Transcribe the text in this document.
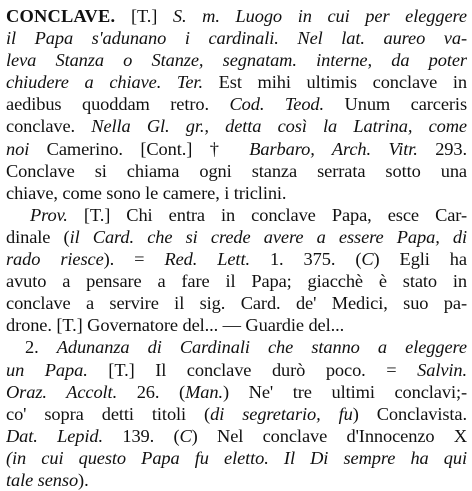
CONCLAVE. [T.] S. m. Luogo in cui per eleggere
il Papa s'adunano i cardinali. Nel lat. aureo va-
leva Stanza o Stanze, segnatam. interne, da poter
chiudere a chiave. Ter. Est mihi ultimis conclave in
aedibus quoddam retro. Cod. Teod. Unum carceris
conclave. Nella Gl. gr., detta così la Latrina, come
noi Camerino. [Cont.] † Barbaro, Arch. Vitr. 293.
Conclave si chiama ogni stanza serrata sotto una
chiave, come sono le camere, i triclini.
Prov. [T.] Chi entra in conclave Papa, esce Car-
dinale (il Card. che si crede avere a essere Papa, di
rado riesce). = Red. Lett. 1. 375. (C) Egli ha
avuto a pensare a fare il Papa; giacchè è stato in
conclave a servire il sig. Card. de' Medici, suo pa-
drone. [T.] Governatore del... — Guardie del...
2. Adunanza di Cardinali che stanno a eleggere
un Papa. [T.] Il conclave durò poco. = Salvin.
Oraz. Accolt. 26. (Man.) Ne' tre ultimi conclavi;-
co' sopra detti titoli (di segretario, fu) Conclavista.
Dat. Lepid. 139. (C) Nel conclave d'Innocenzo X
(in cui questo Papa fu eletto. Il Di sempre ha qui
tale senso).
